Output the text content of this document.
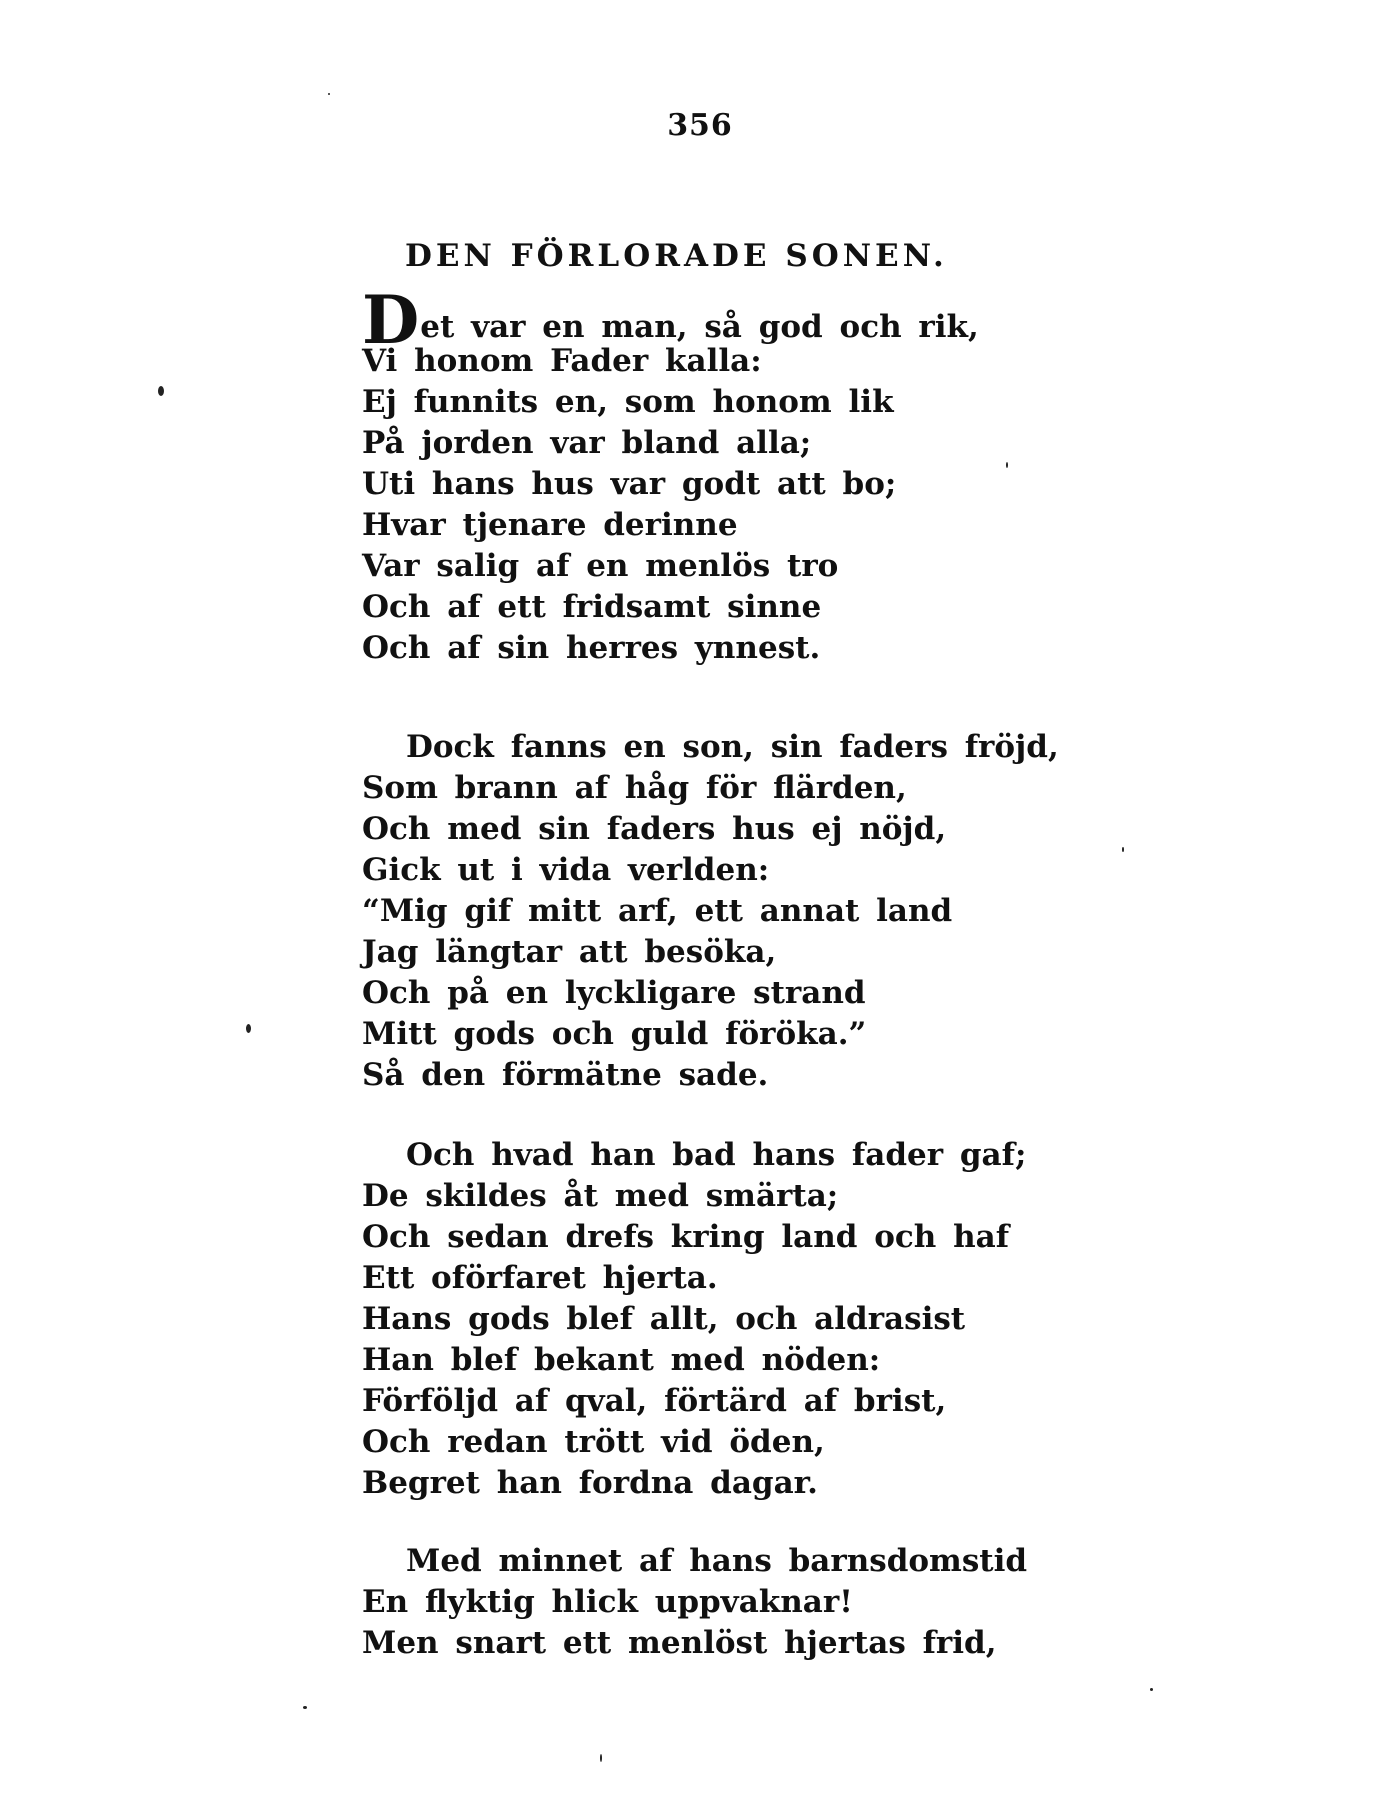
356
DEN FÖRLORADE SONEN.
Det var en man, så god och rik,
Vi honom Fader kalla:
Ej funnits en, som honom lik
På jorden var bland alla;
Uti hans hus var godt att bo;
Hvar tjenare derinne
Var salig af en menlös tro
Och af ett fridsamt sinne
Och af sin herres ynnest.
Dock fanns en son, sin faders fröjd,
Som brann af håg för flärden,
Och med sin faders hus ej nöjd,
Gick ut i vida verlden:
“Mig gif mitt arf, ett annat land
Jag längtar att besöka,
Och på en lyckligare strand
Mitt gods och guld föröka.”
Så den förmätne sade.
Och hvad han bad hans fader gaf;
De skildes åt med smärta;
Och sedan drefs kring land och haf
Ett oförfaret hjerta.
Hans gods blef allt, och aldrasist
Han blef bekant med nöden:
Förföljd af qval, förtärd af brist,
Och redan trött vid öden,
Begret han fordna dagar.
Med minnet af hans barnsdomstid
En flyktig hlick uppvaknar!
Men snart ett menlöst hjertas frid,
